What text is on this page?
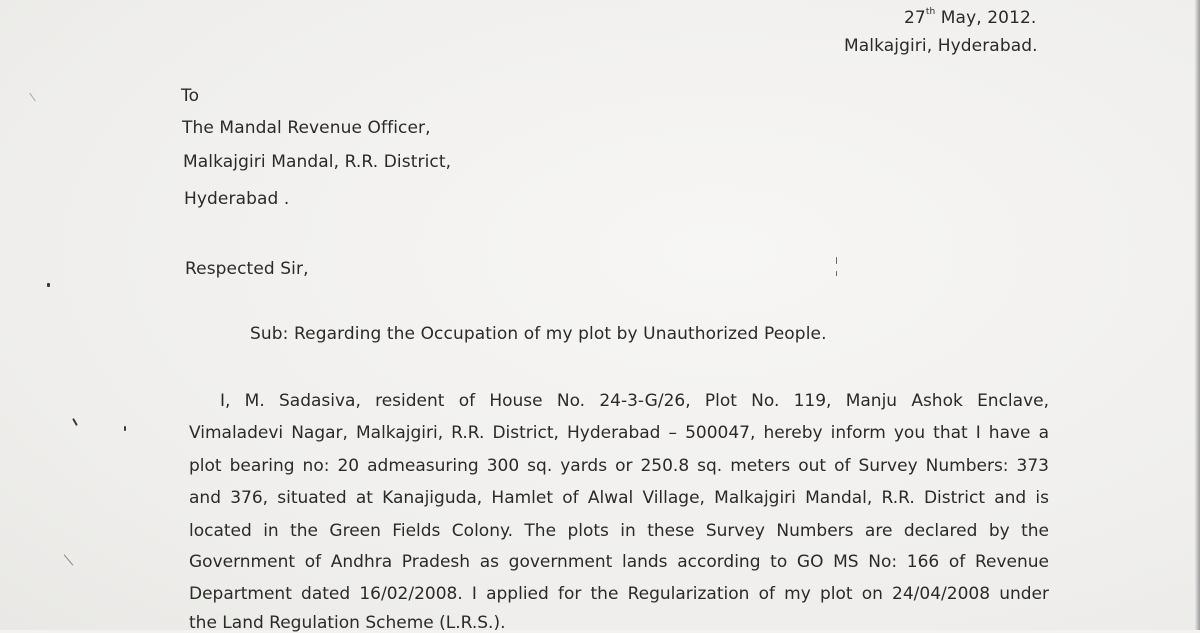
27th May, 2012.
Malkajgiri, Hyderabad.
To
The Mandal Revenue Officer,
Malkajgiri Mandal, R.R. District,
Hyderabad .
Respected Sir,
Sub: Regarding the Occupation of my plot by Unauthorized People.
I, M. Sadasiva, resident of House No. 24-3-G/26, Plot No. 119, Manju Ashok Enclave,
Vimaladevi Nagar, Malkajgiri, R.R. District, Hyderabad – 500047, hereby inform you that I have a
plot bearing no: 20 admeasuring 300 sq. yards or 250.8 sq. meters out of Survey Numbers: 373
and 376, situated at Kanajiguda, Hamlet of Alwal Village, Malkajgiri Mandal, R.R. District and is
located in the Green Fields Colony. The plots in these Survey Numbers are declared by the
Government of Andhra Pradesh as government lands according to GO MS No: 166 of Revenue
Department dated 16/02/2008. I applied for the Regularization of my plot on 24/04/2008 under
the Land Regulation Scheme (L.R.S.).
